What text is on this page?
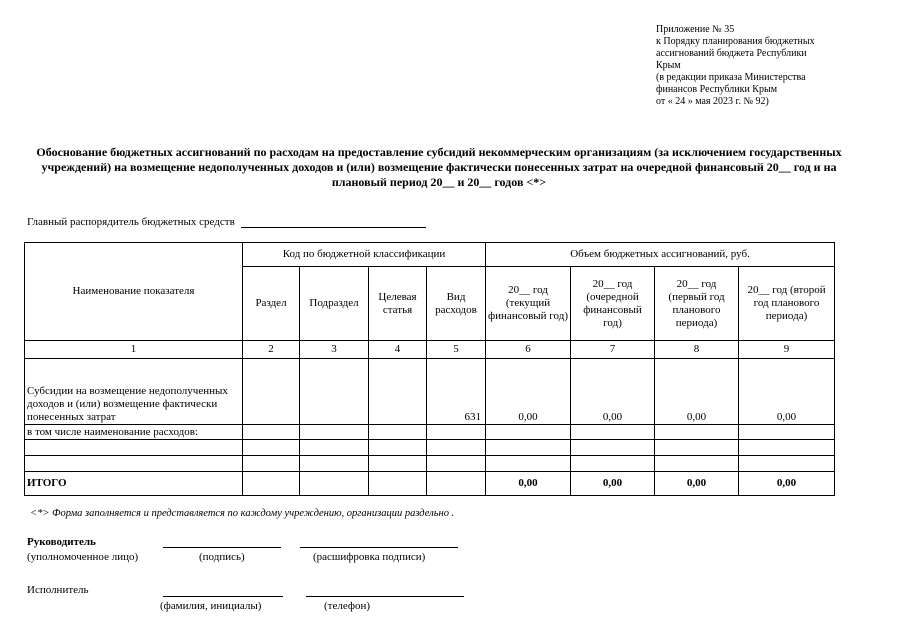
Приложение № 35
к Порядку планирования бюджетных
ассигнований бюджета Республики
Крым
(в редакции приказа Министерства
финансов Республики Крым
от « 24 » мая 2023 г. № 92)
Обоснование бюджетных ассигнований по расходам на предоставление субсидий некоммерческим организациям (за исключением государственных учреждений) на возмещение недополученных доходов и (или) возмещение фактически понесенных затрат на очередной финансовый 20__ год и на плановый период 20__ и 20__ годов <*>
Главный распорядитель бюджетных средств
Наименование показателя	Код по бюджетной классификации				Объем бюджетных ассигнований, руб.			
	Раздел	Подраздел	Целевая статья	Вид расходов	20__ год (текущий финансовый год)	20__ год (очередной финансовый год)	20__ год (первый год планового периода)	20__ год (второй год планового периода)
1	2	3	4	5	6	7	8	9
Субсидии на возмещение недополученных доходов и (или) возмещение фактически понесенных затрат				631	0,00	0,00	0,00	0,00
в том числе наименование расходов:								

ИТОГО					0,00	0,00	0,00	0,00
<*> Форма заполняется и представляется по каждому учреждению, организации раздельно .
Руководитель
(уполномоченное лицо)	(подпись)	(расшифровка подписи)
Исполнитель
(фамилия, инициалы)	(телефон)
